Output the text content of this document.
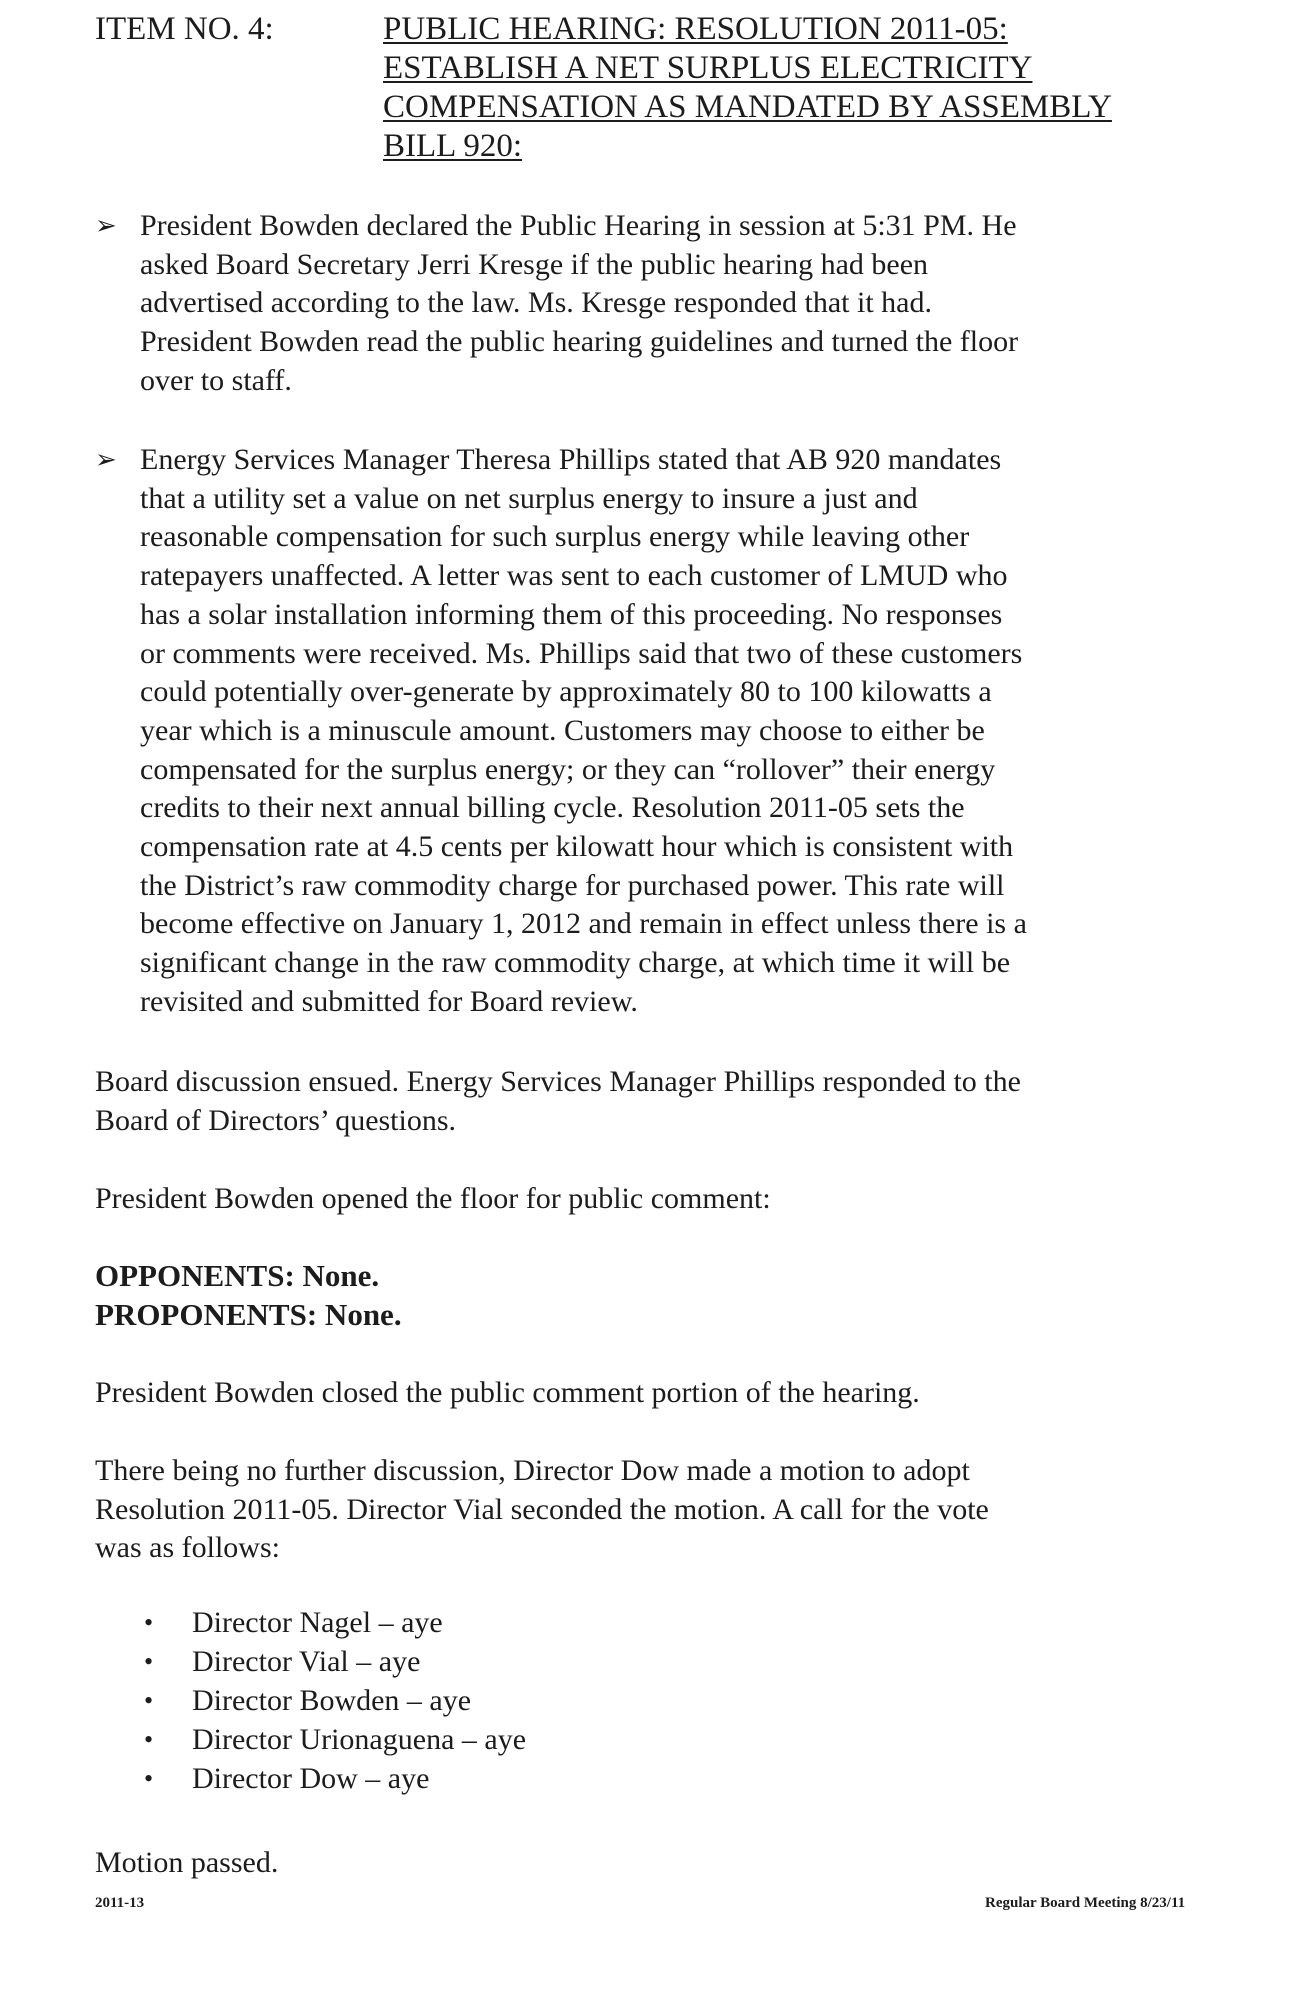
ITEM NO. 4:	PUBLIC HEARING: RESOLUTION 2011-05:
ESTABLISH A NET SURPLUS ELECTRICITY
COMPENSATION AS MANDATED BY ASSEMBLY
BILL 920:
➢ President Bowden declared the Public Hearing in session at 5:31 PM. He
asked Board Secretary Jerri Kresge if the public hearing had been
advertised according to the law. Ms. Kresge responded that it had.
President Bowden read the public hearing guidelines and turned the floor
over to staff.
➢ Energy Services Manager Theresa Phillips stated that AB 920 mandates
that a utility set a value on net surplus energy to insure a just and
reasonable compensation for such surplus energy while leaving other
ratepayers unaffected. A letter was sent to each customer of LMUD who
has a solar installation informing them of this proceeding. No responses
or comments were received. Ms. Phillips said that two of these customers
could potentially over-generate by approximately 80 to 100 kilowatts a
year which is a minuscule amount. Customers may choose to either be
compensated for the surplus energy; or they can “rollover” their energy
credits to their next annual billing cycle. Resolution 2011-05 sets the
compensation rate at 4.5 cents per kilowatt hour which is consistent with
the District’s raw commodity charge for purchased power. This rate will
become effective on January 1, 2012 and remain in effect unless there is a
significant change in the raw commodity charge, at which time it will be
revisited and submitted for Board review.
Board discussion ensued. Energy Services Manager Phillips responded to the
Board of Directors’ questions.
President Bowden opened the floor for public comment:
OPPONENTS: None.
PROPONENTS: None.
President Bowden closed the public comment portion of the hearing.
There being no further discussion, Director Dow made a motion to adopt
Resolution 2011-05. Director Vial seconded the motion. A call for the vote
was as follows:
• Director Nagel – aye
• Director Vial – aye
• Director Bowden – aye
• Director Urionaguena – aye
• Director Dow – aye
Motion passed.
2011-13	Regular Board Meeting 8/23/11
